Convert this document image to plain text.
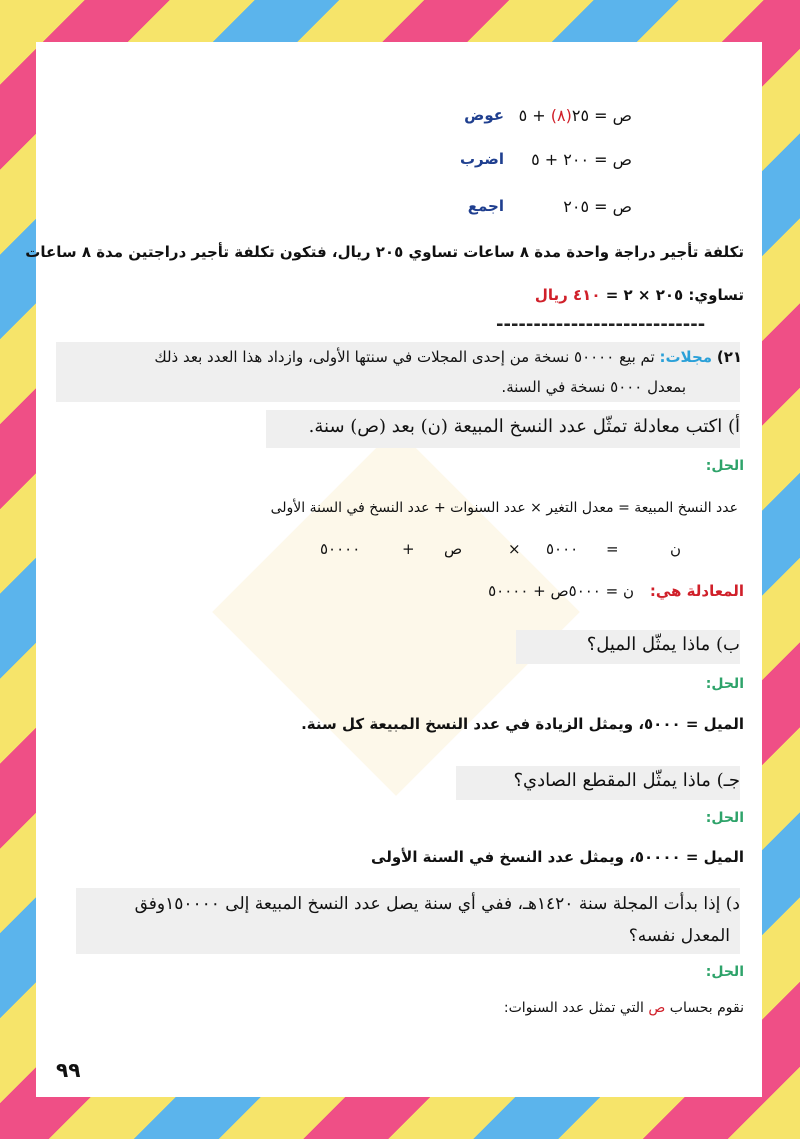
ص = ٢٥(٨) + ٥
عوض
ص = ٢٠٠ + ٥
اضرب
ص = ٢٠٥
اجمع
تكلفة تأجير دراجة واحدة مدة ٨ ساعات تساوي ٢٠٥ ريال، فتكون تكلفة تأجير دراجتين مدة ٨ ساعات
تساوي: ٢٠٥ × ٢ = ٤١٠ ريال
----------------------------
٢١) مجلات: تم بيع ٥٠٠٠٠ نسخة من إحدى المجلات في سنتها الأولى، وازداد هذا العدد بعد ذلك
بمعدل ٥٠٠٠ نسخة في السنة.
أ) اكتب معادلة تمثّل عدد النسخ المبيعة (ن) بعد (ص) سنة.
الحل:
عدد النسخ المبيعة = معدل التغير × عدد السنوات + عدد النسخ في السنة الأولى
ن
=
٥٠٠٠
×
ص
+
٥٠٠٠٠
المعادلة هي:
ن = ٥٠٠٠ص + ٥٠٠٠٠
ب) ماذا يمثّل الميل؟
الحل:
الميل = ٥٠٠٠، ويمثل الزيادة في عدد النسخ المبيعة كل سنة.
جـ) ماذا يمثّل المقطع الصادي؟
الحل:
الميل = ٥٠٠٠٠، ويمثل عدد النسخ في السنة الأولى
د) إذا بدأت المجلة سنة ١٤٢٠هـ، ففي أي سنة يصل عدد النسخ المبيعة إلى ١٥٠٠٠٠وفق
المعدل نفسه؟
الحل:
نقوم بحساب ص التي تمثل عدد السنوات:
٩٩
